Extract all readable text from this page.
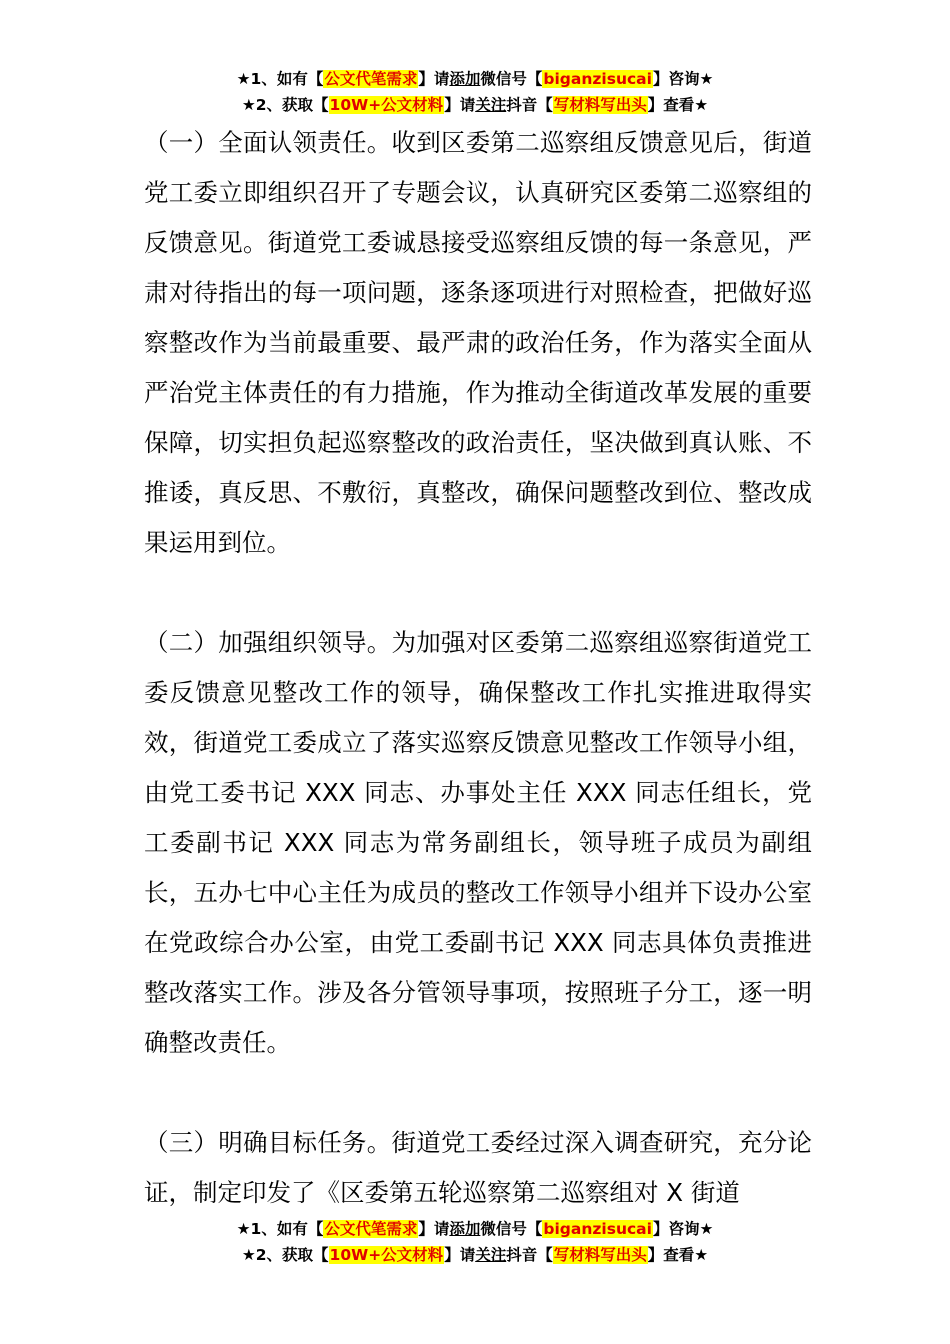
★1、如有【公文代笔需求】请添加微信号【biganzisucai】咨询★
★2、获取【10W+公文材料】请关注抖音【写材料写出头】查看★

（一）全面认领责任。收到区委第二巡察组反馈意见后，街道党工委立即组织召开了专题会议，认真研究区委第二巡察组的反馈意见。街道党工委诚恳接受巡察组反馈的每一条意见，严肃对待指出的每一项问题，逐条逐项进行对照检查，把做好巡察整改作为当前最重要、最严肃的政治任务，作为落实全面从严治党主体责任的有力措施，作为推动全街道改革发展的重要保障，切实担负起巡察整改的政治责任，坚决做到真认账、不推诿，真反思、不敷衍，真整改，确保问题整改到位、整改成果运用到位。

（二）加强组织领导。为加强对区委第二巡察组巡察街道党工委反馈意见整改工作的领导，确保整改工作扎实推进取得实效，街道党工委成立了落实巡察反馈意见整改工作领导小组，由党工委书记 XXX 同志、办事处主任 XXX 同志任组长，党工委副书记 XXX 同志为常务副组长，领导班子成员为副组长，五办七中心主任为成员的整改工作领导小组并下设办公室在党政综合办公室，由党工委副书记 XXX 同志具体负责推进整改落实工作。涉及各分管领导事项，按照班子分工，逐一明确整改责任。

（三）明确目标任务。街道党工委经过深入调查研究，充分论证，制定印发了《区委第五轮巡察第二巡察组对 X 街道

★1、如有【公文代笔需求】请添加微信号【biganzisucai】咨询★
★2、获取【10W+公文材料】请关注抖音【写材料写出头】查看★
